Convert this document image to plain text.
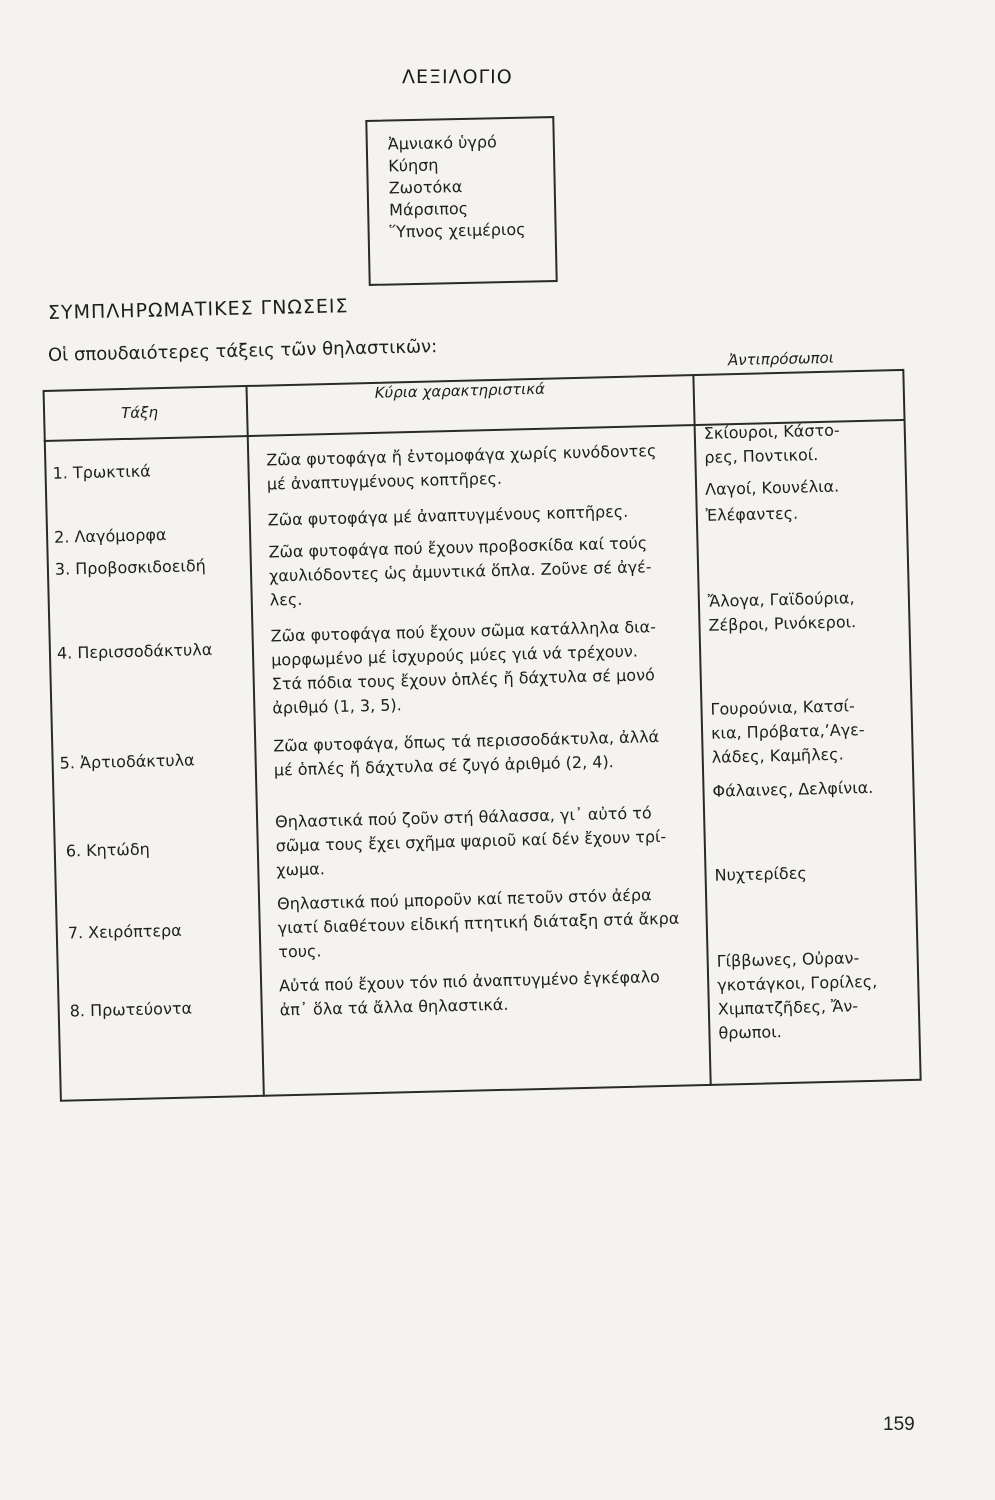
ΛΕΞΙΛΟΓΙΟ
Ἀμνιακό ὑγρό
Κύηση
Ζωοτόκα
Μάρσιπος
Ὕπνος χειμέριος
ΣΥΜΠΛΗΡΩΜΑΤΙΚΕΣ ΓΝΩΣΕΙΣ
Οἱ σπουδαιότερες τάξεις τῶν θηλαστικῶν:
Τάξη
Κύρια χαρακτηριστικά
Ἀντιπρόσωποι
1. Τρωκτικά
Ζῶα φυτοφάγα ἤ ἐντομοφάγα χωρίς κυνόδοντες
μέ ἀναπτυγμένους κοπτῆρες.
Σκίουροι, Κάστο-
ρες, Ποντικοί.
2. Λαγόμορφα
Ζῶα φυτοφάγα μέ ἀναπτυγμένους κοπτῆρες.
Λαγοί, Κουνέλια.
3. Προβοσκιδοειδή
Ζῶα φυτοφάγα πού ἔχουν προβοσκίδα καί τούς
χαυλιόδοντες ὡς ἀμυντικά ὅπλα. Ζοῦνε σέ ἀγέ-
λες.
Ἐλέφαντες.
4. Περισσοδάκτυλα
Ζῶα φυτοφάγα πού ἔχουν σῶμα κατάλληλα δια-
μορφωμένο μέ ἰσχυρούς μύες γιά νά τρέχουν.
Στά πόδια τους ἔχουν ὁπλές ἤ δάχτυλα σέ μονό
ἀριθμό (1, 3, 5).
Ἄλογα, Γαϊδούρια,
Ζέβροι, Ρινόκεροι.
5. Ἀρτιοδάκτυλα
Ζῶα φυτοφάγα, ὅπως τά περισσοδάκτυλα, ἀλλά
μέ ὁπλές ἤ δάχτυλα σέ ζυγό ἀριθμό (2, 4).
Γουρούνια, Κατσί-
κια, Πρόβατα,ʼΑγε-
λάδες, Καμῆλες.
6. Κητώδη
Θηλαστικά πού ζοῦν στή θάλασσα, γι᾽ αὐτό τό
σῶμα τους ἔχει σχῆμα ψαριοῦ καί δέν ἔχουν τρί-
χωμα.
Φάλαινες, Δελφίνια.
7. Χειρόπτερα
Θηλαστικά πού μποροῦν καί πετοῦν στόν ἀέρα
γιατί διαθέτουν εἰδική πτητική διάταξη στά ἄκρα
τους.
Νυχτερίδες
8. Πρωτεύοντα
Αὐτά πού ἔχουν τόν πιό ἀναπτυγμένο ἐγκέφαλο
ἀπ᾽ ὅλα τά ἄλλα θηλαστικά.
Γίββωνες, Οὐραν-
γκοτάγκοι, Γορίλες,
Χιμπατζῆδες, Ἄν-
θρωποι.
159
